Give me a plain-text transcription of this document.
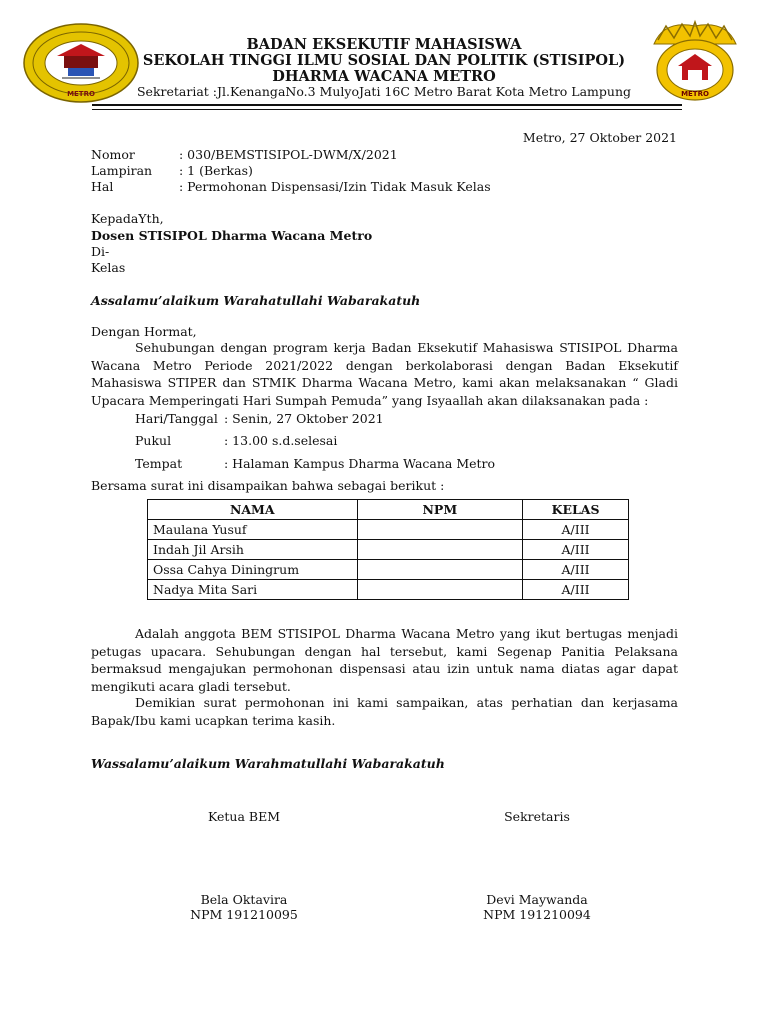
METRO	METRO
BADAN EKSEKUTIF MAHASISWA
SEKOLAH TINGGI ILMU SOSIAL DAN POLITIK (STISIPOL)
DHARMA WACANA METRO
Sekretariat :Jl.KenangaNo.3 MulyoJati 16C Metro Barat Kota Metro Lampung
Metro, 27 Oktober 2021
Nomor	: 030/BEMSTISIPOL-DWM/X/2021
Lampiran	: 1 (Berkas)
Hal	: Permohonan Dispensasi/Izin Tidak Masuk Kelas
KepadaYth,
Dosen STISIPOL Dharma Wacana Metro
Di-
Kelas
Assalamu’alaikum Warahatullahi Wabarakatuh
Dengan Hormat,
Sehubungan dengan program kerja Badan Eksekutif Mahasiswa STISIPOL Dharma Wacana Metro Periode 2021/2022 dengan berkolaborasi dengan Badan Eksekutif Mahasiswa STIPER dan STMIK Dharma Wacana Metro, kami akan melaksanakan “ Gladi Upacara Memperingati Hari Sumpah Pemuda” yang Isyaallah akan dilaksanakan pada :
Hari/Tanggal : Senin, 27 Oktober 2021
Pukul	: 13.00 s.d.selesai
Tempat	: Halaman Kampus Dharma Wacana Metro
Bersama surat ini disampaikan bahwa sebagai berikut :
NAMA	NPM	KELAS
Maulana Yusuf		A/III
Indah Jil Arsih		A/III
Ossa Cahya Diningrum		A/III
Nadya Mita Sari		A/III
Adalah anggota BEM STISIPOL Dharma Wacana Metro yang ikut bertugas menjadi petugas upacara. Sehubungan dengan hal tersebut, kami Segenap Panitia Pelaksana bermaksud mengajukan permohonan dispensasi atau izin untuk nama diatas agar dapat mengikuti acara gladi tersebut.
Demikian surat permohonan ini kami sampaikan, atas perhatian dan kerjasama Bapak/Ibu kami ucapkan terima kasih.
Wassalamu’alaikum Warahmatullahi Wabarakatuh
Ketua BEM
Bela Oktavira
NPM 191210095
Sekretaris
Devi Maywanda
NPM 191210094
